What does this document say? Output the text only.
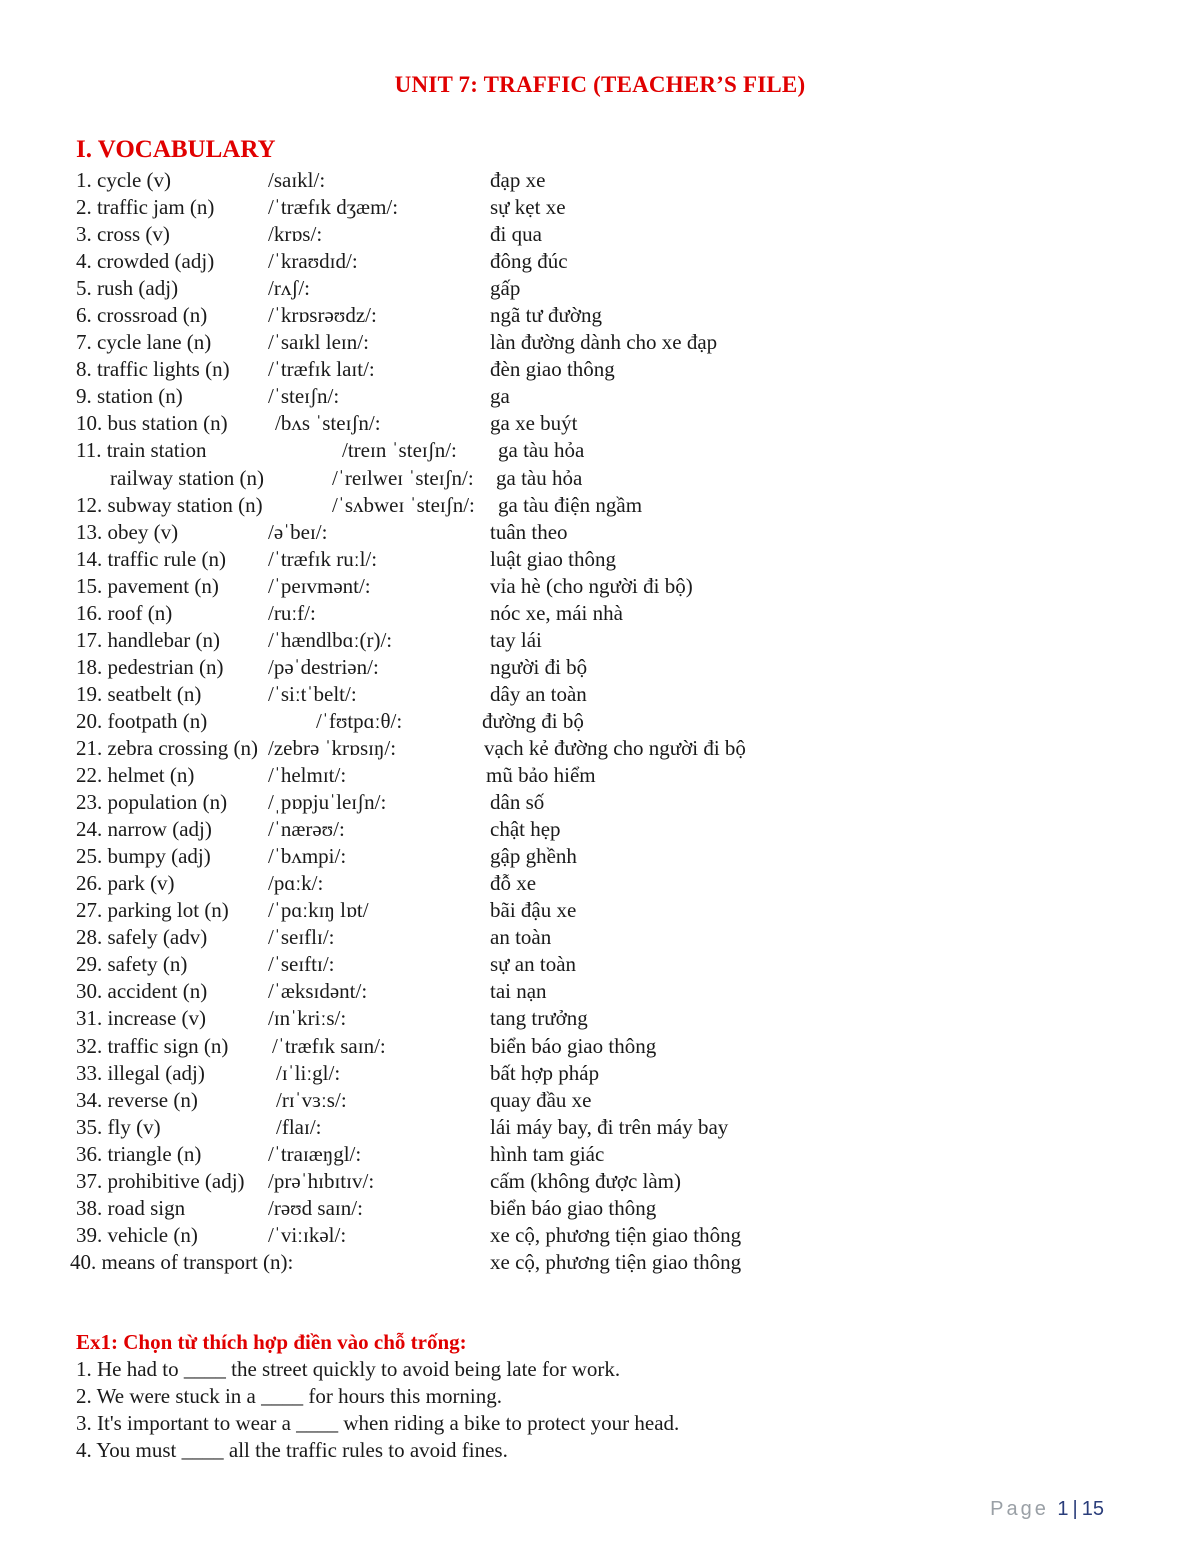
UNIT 7: TRAFFIC (TEACHER’S FILE)
I. VOCABULARY
1. cycle (v)	/saɪkl/:	đạp xe
2. traffic jam (n)	/ˈtræfɪk dʒæm/:	sự kẹt xe
3. cross (v)	/krɒs/:	đi qua
4. crowded (adj)	/ˈkraʊdɪd/:	đông đúc
5. rush (adj)	/rʌʃ/:	gấp
6. crossroad (n)	/ˈkrɒsrəʊdz/:	ngã tư đường
7. cycle lane (n)	/ˈsaɪkl leɪn/:	làn đường dành cho xe đạp
8. traffic lights (n) /ˈtræfɪk laɪt/:	đèn giao thông
9. station (n)	/ˈsteɪʃn/:	ga
10. bus station (n) /bʌs ˈsteɪʃn/:	ga xe buýt
11. train station	/treɪn ˈsteɪʃn/: ga tàu hỏa
railway station (n)	/ˈreɪlweɪ ˈsteɪʃn/: ga tàu hỏa
12. subway station (n)	/ˈsʌbweɪ ˈsteɪʃn/: ga tàu điện ngầm
13. obey (v)	/əˈbeɪ/:	tuân theo
14. traffic rule (n) /ˈtræfɪk ruːl/:	luật giao thông
15. pavement (n) /ˈpeɪvmənt/:	vỉa hè (cho người đi bộ)
16. roof (n)	/ruːf/:	nóc xe, mái nhà
17. handlebar (n) /ˈhændlbɑː(r)/:	tay lái
18. pedestrian (n) /pəˈdestriən/:	người đi bộ
19. seatbelt (n)	/ˈsiːtˈbelt/:	dây an toàn
20. footpath (n)	/ˈfʊtpɑːθ/:	đường đi bộ
21. zebra crossing (n) /zebrə ˈkrɒsɪŋ/:	vạch kẻ đường cho người đi bộ
22. helmet (n)	/ˈhelmɪt/:	mũ bảo hiểm
23. population (n) /ˌpɒpjuˈleɪʃn/:	dân số
24. narrow (adj)	/ˈnærəʊ/:	chật hẹp
25. bumpy (adj)	/ˈbʌmpi/:	gập ghềnh
26. park (v)	/pɑːk/:	đỗ xe
27. parking lot (n) /ˈpɑːkɪŋ lɒt/	bãi đậu xe
28. safely (adv)	/ˈseɪflɪ/:	an toàn
29. safety (n)	/ˈseɪftɪ/:	sự an toàn
30. accident (n)	/ˈæksɪdənt/:	tai nạn
31. increase (v)	/ɪnˈkriːs/:	tang trưởng
32. traffic sign (n) /ˈtræfɪk saɪn/:	biển báo giao thông
33. illegal (adj)	/ɪˈliːgl/:	bất hợp pháp
34. reverse (n)	/rɪˈvɜːs/:	quay đầu xe
35. fly (v)	/flaɪ/:	lái máy bay, đi trên máy bay
36. triangle (n)	/ˈtraɪæŋgl/:	hình tam giác
37. prohibitive (adj) /prəˈhɪbɪtɪv/:	cấm (không được làm)
38. road sign	/rəʊd saɪn/:	biển báo giao thông
39. vehicle (n)	/ˈviːɪkəl/:	xe cộ, phương tiện giao thông
40. means of transport (n):	xe cộ, phương tiện giao thông
Ex1: Chọn từ thích hợp điền vào chỗ trống:
1. He had to ____ the street quickly to avoid being late for work.
2. We were stuck in a ____ for hours this morning.
3. It's important to wear a ____ when riding a bike to protect your head.
4. You must ____ all the traffic rules to avoid fines.
Page 1 | 15
